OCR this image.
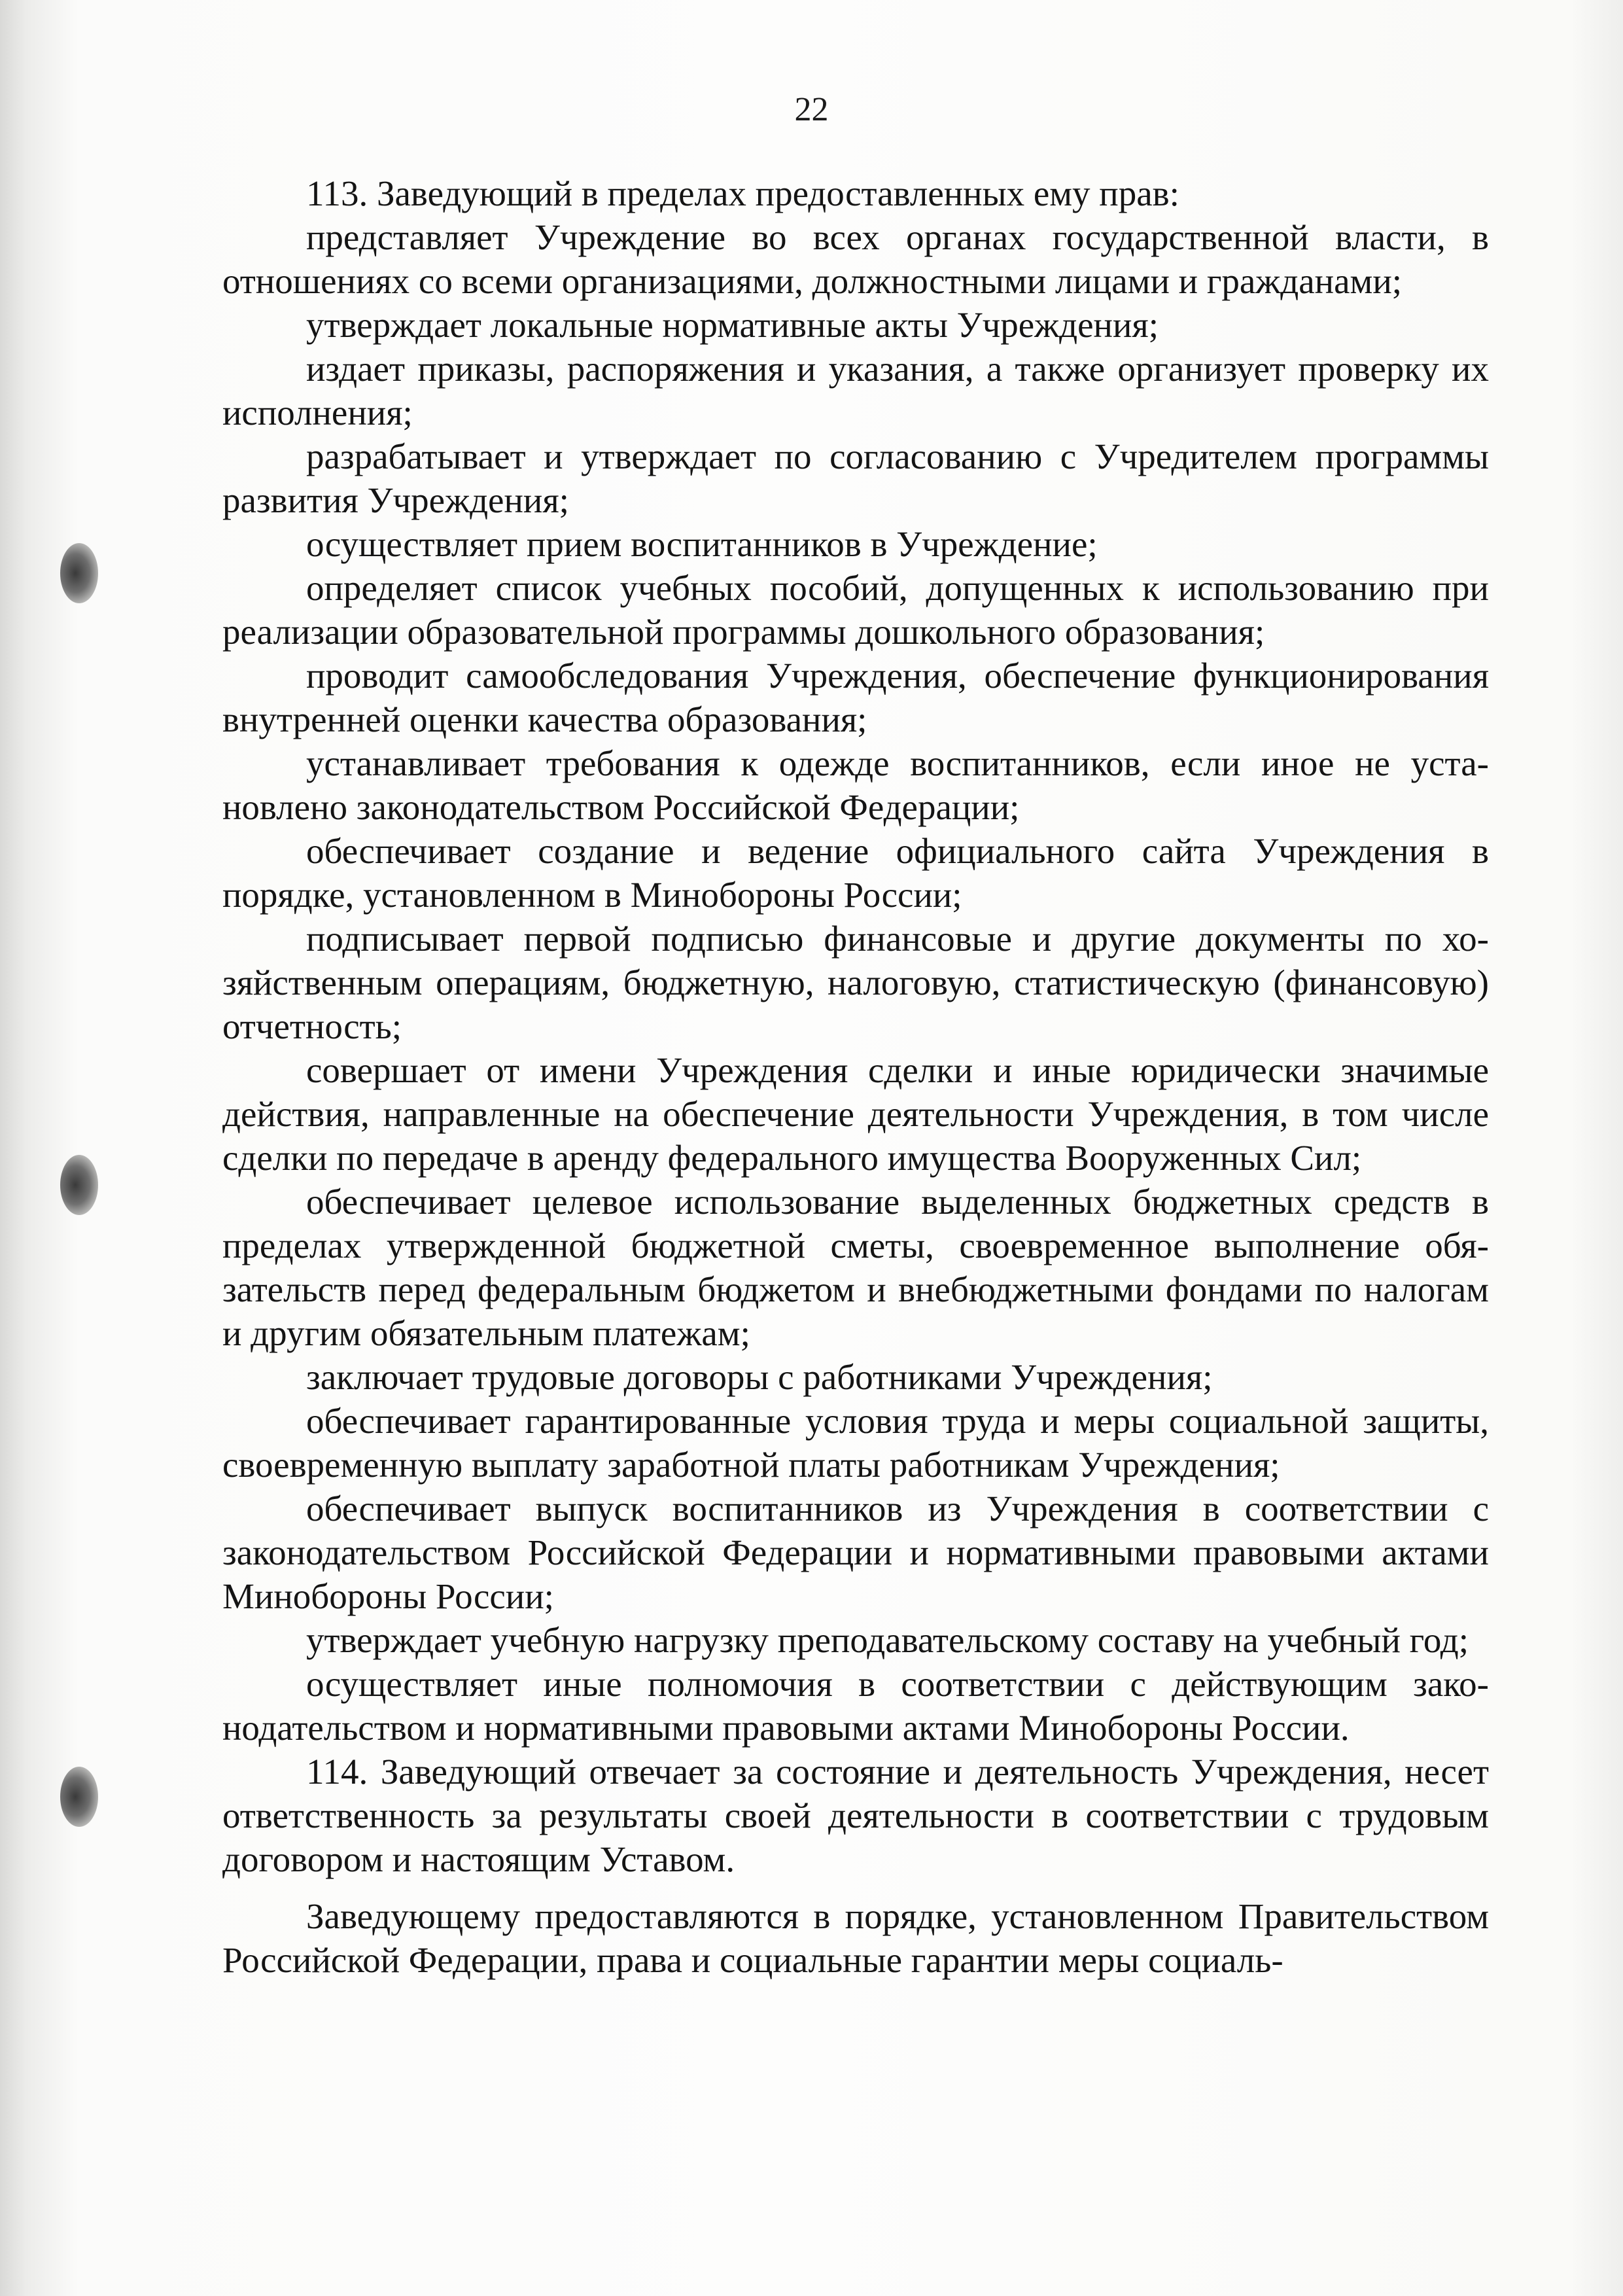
22

113. Заведующий в пределах предоставленных ему прав:

представляет Учреждение во всех органах государственной власти, в отношениях со всеми организациями, должностными лицами и гражданами;

утверждает локальные нормативные акты Учреждения;

издает приказы, распоряжения и указания, а также организует проверку их исполнения;

разрабатывает и утверждает по согласованию с Учредителем программы развития Учреждения;

осуществляет прием воспитанников в Учреждение;

определяет список учебных пособий, допущенных к использованию при реализации образовательной программы дошкольного образования;

проводит самообследования Учреждения, обеспечение функционирования внутренней оценки качества образования;

устанавливает требования к одежде воспитанников, если иное не установлено законодательством Российской Федерации;

обеспечивает создание и ведение официального сайта Учреждения в порядке, установленном в Минобороны России;

подписывает первой подписью финансовые и другие документы по хозяйственным операциям, бюджетную, налоговую, статистическую (финансовую) отчетность;

совершает от имени Учреждения сделки и иные юридически значимые действия, направленные на обеспечение деятельности Учреждения, в том числе сделки по передаче в аренду федерального имущества Вооруженных Сил;

обеспечивает целевое использование выделенных бюджетных средств в пределах утвержденной бюджетной сметы, своевременное выполнение обязательств перед федеральным бюджетом и внебюджетными фондами по налогам и другим обязательным платежам;

заключает трудовые договоры с работниками Учреждения;

обеспечивает гарантированные условия труда и меры социальной защиты, своевременную выплату заработной платы работникам Учреждения;

обеспечивает выпуск воспитанников из Учреждения в соответствии с законодательством Российской Федерации и нормативными правовыми актами Минобороны России;

утверждает учебную нагрузку преподавательскому составу на учебный год;

осуществляет иные полномочия в соответствии с действующим законодательством и нормативными правовыми актами Минобороны России.

114. Заведующий отвечает за состояние и деятельность Учреждения, несет ответственность за результаты своей деятельности в соответствии с трудовым договором и настоящим Уставом.

Заведующему предоставляются в порядке, установленном Правительством Российской Федерации, права и социальные гарантии меры социаль-
